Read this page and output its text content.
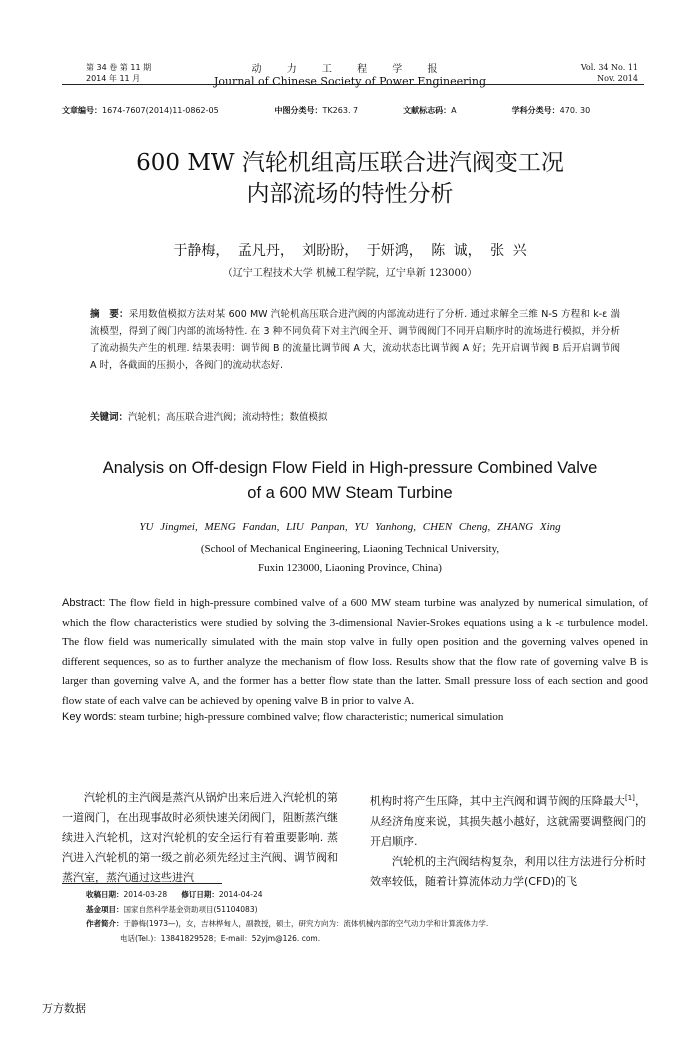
第 34 卷 第 11 期
2014 年 11 月
动 力 工 程 学 报
Journal of Chinese Society of Power Engineering
Vol. 34 No. 11
Nov. 2014
文章编号：1674-7607(2014)11-0862-05	中图分类号：TK263. 7	文献标志码：A	学科分类号：470. 30
600 MW 汽轮机组高压联合进汽阀变工况
内部流场的特性分析
于静梅， 孟凡丹， 刘盼盼， 于妍鸿， 陈 诚， 张 兴
（辽宁工程技术大学 机械工程学院，辽宁阜新 123000）
摘　要：采用数值模拟方法对某 600 MW 汽轮机高压联合进汽阀的内部流动进行了分析. 通过求解全三维 N-S 方程和 k-ε 湍流模型，得到了阀门内部的流场特性. 在 3 种不同负荷下对主汽阀全开、调节阀阀门不同开启顺序时的流场进行模拟，并分析了流动损失产生的机理. 结果表明：调节阀 B 的流量比调节阀 A 大，流动状态比调节阀 A 好；先开启调节阀 B 后开启调节阀 A 时，各截面的压损小，各阀门的流动状态好.
关键词：汽轮机；高压联合进汽阀；流动特性；数值模拟
Analysis on Off-design Flow Field in High-pressure Combined Valve
of a 600 MW Steam Turbine
YU Jingmei, MENG Fandan, LIU Panpan, YU Yanhong, CHEN Cheng, ZHANG Xing
(School of Mechanical Engineering, Liaoning Technical University,
Fuxin 123000, Liaoning Province, China)
Abstract: The flow field in high-pressure combined valve of a 600 MW steam turbine was analyzed by numerical simulation, of which the flow characteristics were studied by solving the 3-dimensional Navier-Srokes equations using a k -ε turbulence model. The flow field was numerically simulated with the main stop valve in fully open position and the governing valves opened in different sequences, so as to further analyze the mechanism of flow loss. Results show that the flow rate of governing valve B is larger than governing valve A, and the former has a better flow state than the latter. Small pressure loss of each section and good flow state of each valve can be achieved by opening valve B in prior to valve A.
Key words: steam turbine; high-pressure combined valve; flow characteristic; numerical simulation

汽轮机的主汽阀是蒸汽从锅炉出来后进入汽轮机的第一道阀门，在出现事故时必须快速关闭阀门，阻断蒸汽继续进入汽轮机，这对汽轮机的安全运行有着重要影响. 蒸汽进入汽轮机的第一级之前必须先经过主汽阀、调节阀和蒸汽室，蒸汽通过这些进汽

机构时将产生压降，其中主汽阀和调节阀的压降最大[1]，从经济角度来说，其损失越小越好，这就需要调整阀门的开启顺序.

汽轮机的主汽阀结构复杂，利用以往方法进行分析时效率较低，随着计算流体动力学(CFD)的飞

收稿日期：2014-03-28 修订日期：2014-04-24
基金项目：国家自然科学基金资助项目(51104083)
作者简介：于静梅(1973—)，女，吉林桦甸人，副教授，硕士，研究方向为：流体机械内部的空气动力学和计算流体力学.
电话(Tel.)：13841829528；E-mail：52yjm@126. com.
万方数据
